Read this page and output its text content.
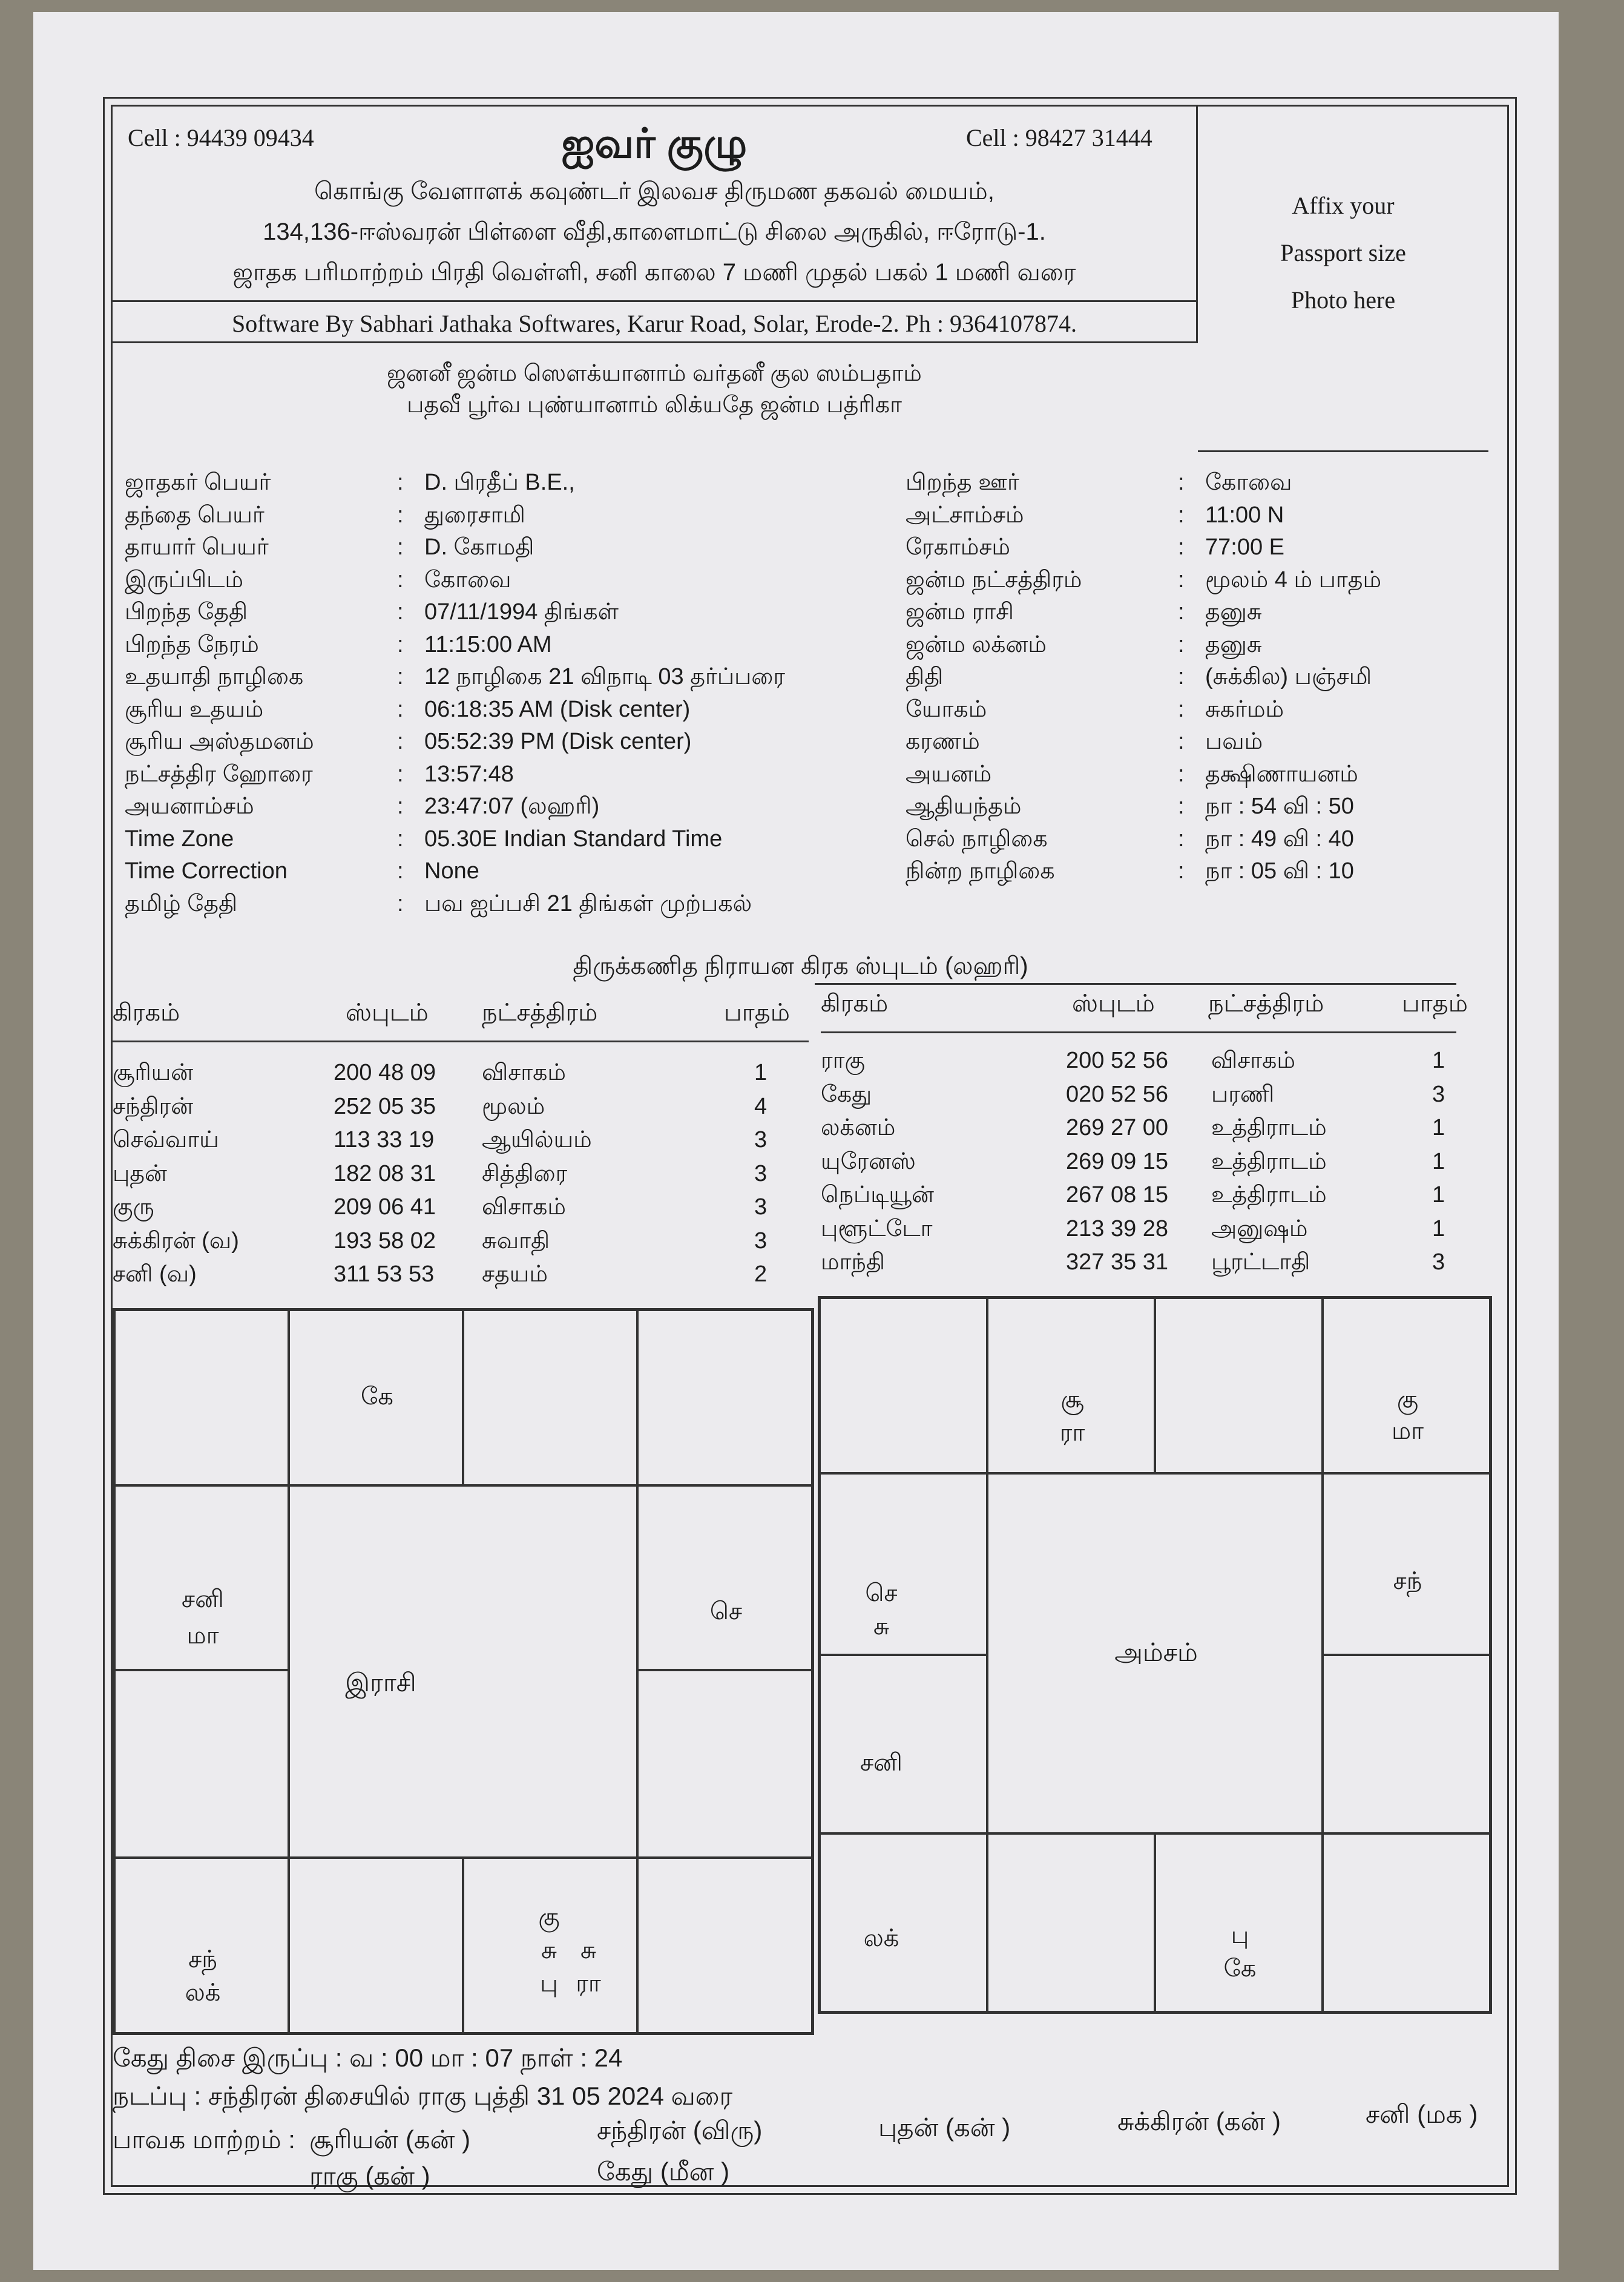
Cell : 94439 09434	ஐவர் குழு	Cell : 98427 31444
கொங்கு வேளாளக் கவுண்டர் இலவச திருமண தகவல் மையம்,
134,136-ஈஸ்வரன் பிள்ளை வீதி,காளைமாட்டு சிலை அருகில், ஈரோடு-1.
ஜாதக பரிமாற்றம் பிரதி வெள்ளி, சனி காலை 7 மணி முதல் பகல் 1 மணி வரை
Software By Sabhari Jathaka Softwares, Karur Road, Solar, Erode-2. Ph : 9364107874.
Affix your
Passport size
Photo here
ஜனனீ ஜன்ம ஸௌக்யானாம் வர்தனீ குல ஸம்பதாம்
பதவீ பூர்வ புண்யானாம் லிக்யதே ஜன்ம பத்ரிகா
ஜாதகர் பெயர்	: D. பிரதீப் B.E.,
தந்தை பெயர்	: துரைசாமி
தாயார் பெயர்	: D. கோமதி
இருப்பிடம்	: கோவை
பிறந்த தேதி	: 07/11/1994 திங்கள்
பிறந்த நேரம்	: 11:15:00 AM
உதயாதி நாழிகை	: 12 நாழிகை 21 விநாடி 03 தர்ப்பரை
சூரிய உதயம்	: 06:18:35 AM (Disk center)
சூரிய அஸ்தமனம்	: 05:52:39 PM (Disk center)
நட்சத்திர ஹோரை	: 13:57:48
அயனாம்சம்	: 23:47:07 (லஹரி)
Time Zone	: 05.30E Indian Standard Time
Time Correction	: None
தமிழ் தேதி	: பவ ஐப்பசி 21 திங்கள் முற்பகல்
பிறந்த ஊர்	: கோவை
அட்சாம்சம்	: 11:00 N
ரேகாம்சம்	: 77:00 E
ஜன்ம நட்சத்திரம்	: மூலம் 4 ம் பாதம்
ஜன்ம ராசி	: தனுசு
ஜன்ம லக்னம்	: தனுசு
திதி	: (சுக்கில) பஞ்சமி
யோகம்	: சுகர்மம்
கரணம்	: பவம்
அயனம்	: தக்ஷிணாயனம்
ஆதியந்தம்	: நா : 54 வி : 50
செல் நாழிகை	: நா : 49 வி : 40
நின்ற நாழிகை	: நா : 05 வி : 10
திருக்கணித நிராயன கிரக ஸ்புடம் (லஹரி)
கிரகம்	ஸ்புடம் நட்சத்திரம்	பாதம்
சூரியன்	200 48 09 விசாகம்	1
சந்திரன்	252 05 35 மூலம்	4
செவ்வாய்	113 33 19 ஆயில்யம்	3
புதன்	182 08 31 சித்திரை	3
குரு	209 06 41 விசாகம்	3
சுக்கிரன் (வ)	193 58 02 சுவாதி	3
சனி (வ)	311 53 53 சதயம்	2
கிரகம்	ஸ்புடம் நட்சத்திரம்	பாதம்
ராகு	200 52 56 விசாகம்	1
கேது	020 52 56 பரணி	3
லக்னம்	269 27 00 உத்திராடம்	1
யுரேனஸ்	269 09 15 உத்திராடம்	1
நெப்டியூன்	267 08 15 உத்திராடம்	1
புளூட்டோ	213 39 28 அனுஷம்	1
மாந்தி	327 35 31 பூரட்டாதி	3
கே
சனி
மா
செ
இராசி
சந்
லக்
கு
சு சு
பு ரா
சூ
ரா
கு
மா
செ
சு
சனி
சந்
அம்சம்
லக்	பு
கே
கேது திசை இருப்பு : வ : 00 மா : 07 நாள் : 24
நடப்பு : சந்திரன் திசையில் ராகு புத்தி 31 05 2024 வரை
பாவக மாற்றம் : சூரியன் (கன் )	சந்திரன் (விரு)	புதன் (கன் )	சுக்கிரன் (கன் )	சனி (மக )
ராகு (கன் )	கேது (மீன )
